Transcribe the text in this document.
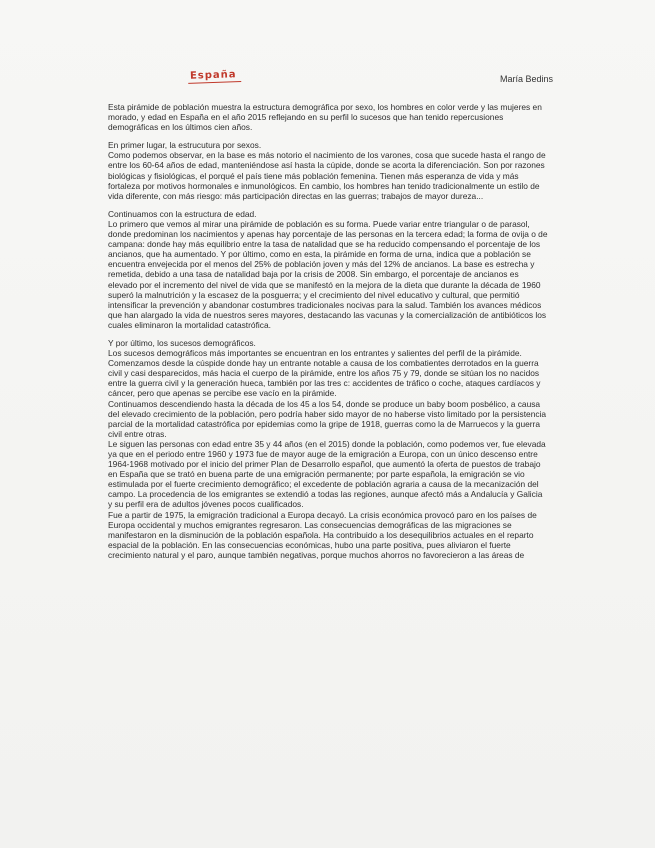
España	María Bedins

Esta pirámide de población muestra la estructura demográfica por sexo, los hombres en color verde y las mujeres en morado, y edad en España en el año 2015 reflejando en su perfil lo sucesos que han tenido repercusiones demográficas en los últimos cien años.

En primer lugar, la estrucutura por sexos.

Como podemos observar, en la base es más notorio el nacimiento de los varones, cosa que sucede hasta el rango de entre los 60-64 años de edad, manteniéndose así hasta la cúpide, donde se acorta la diferenciación. Son por razones biológicas y fisiológicas, el porqué el país tiene más población femenina. Tienen más esperanza de vida y más fortaleza por motivos hormonales e inmunológicos. En cambio, los hombres han tenido tradicionalmente un estilo de vida diferente, con más riesgo: más participación directas en las guerras; trabajos de mayor dureza...

Continuamos con la estructura de edad.

Lo primero que vemos al mirar una pirámide de población es su forma. Puede variar entre triangular o de parasol, donde predominan los nacimientos y apenas hay porcentaje de las personas en la tercera edad; la forma de ovija o de campana: donde hay más equilibrio entre la tasa de natalidad que se ha reducido compensando el porcentaje de los ancianos, que ha aumentado. Y por último, como en esta, la pirámide en forma de urna, indica que a población se encuentra envejecida por el menos del 25% de población joven y más del 12% de ancianos. La base es estrecha y remetida, debido a una tasa de natalidad baja por la crisis de 2008. Sin embargo, el porcentaje de ancianos es elevado por el incremento del nivel de vida que se manifestó en la mejora de la dieta que durante la década de 1960 superó la malnutrición y la escasez de la posguerra; y el crecimiento del nivel educativo y cultural, que permitió intensificar la prevención y abandonar costumbres tradicionales nocivas para la salud. También los avances médicos que han alargado la vida de nuestros seres mayores, destacando las vacunas y la comercialización de antibióticos los cuales eliminaron la mortalidad catastrófica.

Y por último, los sucesos demográficos.

Los sucesos demográficos más importantes se encuentran en los entrantes y salientes del perfil de la pirámide.

Comenzamos desde la cúspide donde hay un entrante notable a causa de los combatientes derrotados en la guerra civil y casi desparecidos, más hacia el cuerpo de la pirámide, entre los años 75 y 79, donde se sitúan los no nacidos entre la guerra civil y la generación hueca, también por las tres c: accidentes de tráfico o coche, ataques cardíacos y cáncer, pero que apenas se percibe ese vacío en la pirámide.

Continuamos descendiendo hasta la década de los 45 a los 54, donde se produce un baby boom posbélico, a causa del elevado crecimiento de la población, pero podría haber sido mayor de no haberse visto limitado por la persistencia parcial de la mortalidad catastrófica por epidemias como la gripe de 1918, guerras como la de Marruecos y la guerra civil entre otras.

Le siguen las personas con edad entre 35 y 44 años (en el 2015) donde la población, como podemos ver, fue elevada ya que en el periodo entre 1960 y 1973 fue de mayor auge de la emigración a Europa, con un único descenso entre 1964-1968 motivado por el inicio del primer Plan de Desarrollo español, que aumentó la oferta de puestos de trabajo en España que se trató en buena parte de una emigración permanente; por parte española, la emigración se vio estimulada por el fuerte crecimiento demográfico; el excedente de población agraria a causa de la mecanización del campo. La procedencia de los emigrantes se extendió a todas las regiones, aunque afectó más a Andalucía y Galicia y su perfil era de adultos jóvenes pocos cualificados.

Fue a partir de 1975, la emigración tradicional a Europa decayó. La crisis económica provocó paro en los países de Europa occidental y muchos emigrantes regresaron. Las consecuencias demográficas de las migraciones se manifestaron en la disminución de la población española. Ha contribuido a los desequilibrios actuales en el reparto espacial de la población. En las consecuencias económicas, hubo una parte positiva, pues aliviaron el fuerte crecimiento natural y el paro, aunque también negativas, porque muchos ahorros no favorecieron a las áreas de
